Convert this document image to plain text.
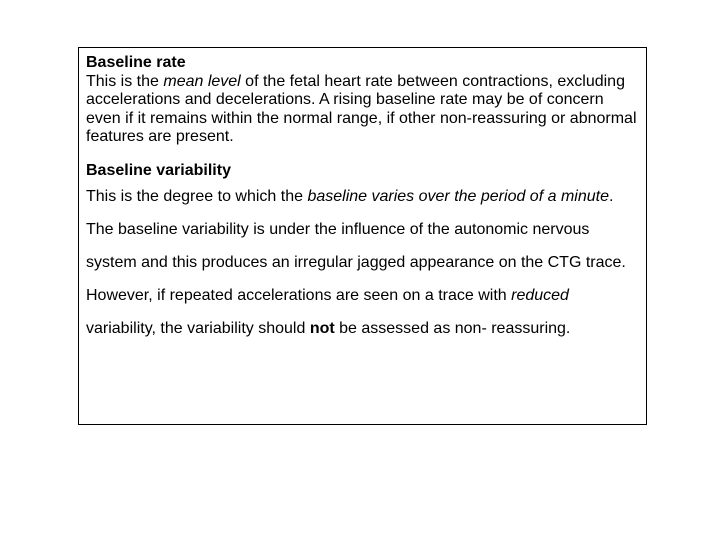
Baseline rate

This is the mean level of the fetal heart rate between contractions, excluding accelerations and decelerations. A rising baseline rate may be of concern even if it remains within the normal range, if other non-reassuring or abnormal features are present.

Baseline variability

This is the degree to which the baseline varies over the period of a minute. The baseline variability is under the influence of the autonomic nervous system and this produces an irregular jagged appearance on the CTG trace. However, if repeated accelerations are seen on a trace with reduced variability, the variability should not be assessed as non- reassuring.
